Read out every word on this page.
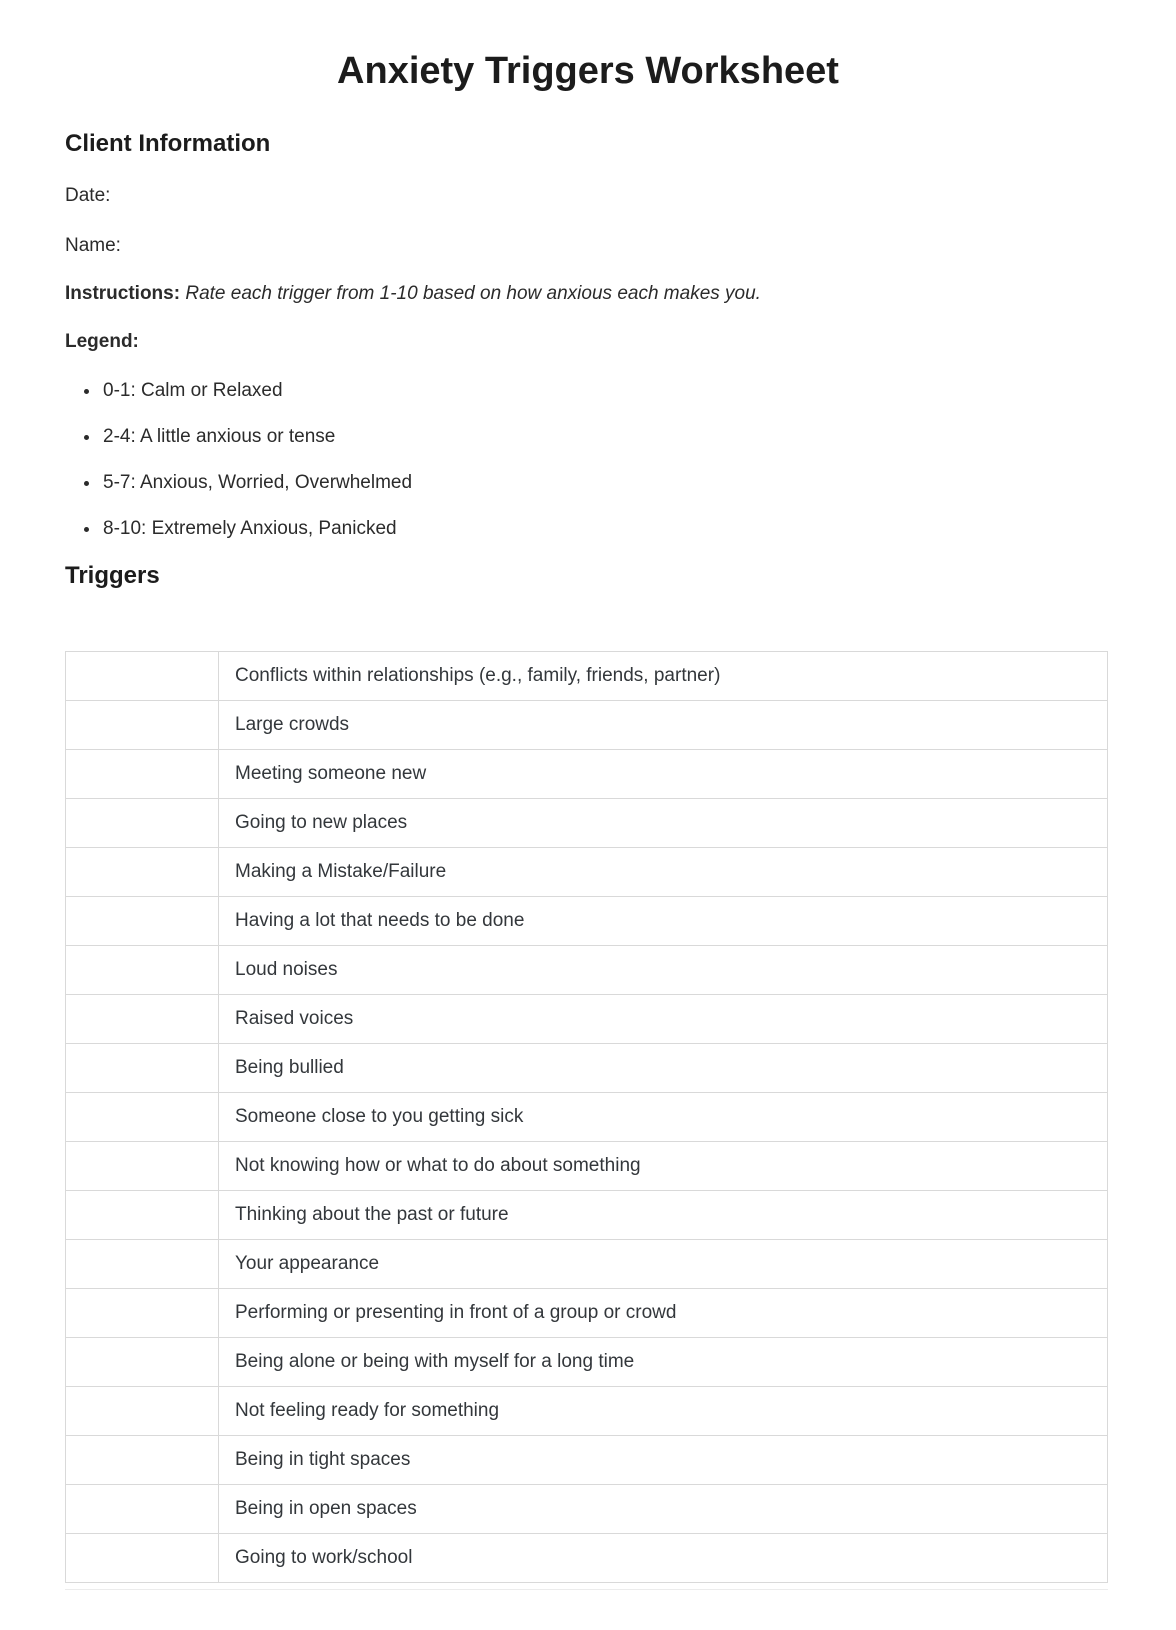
Anxiety Triggers Worksheet
Client Information

Date:

Name:

Instructions: Rate each trigger from 1-10 based on how anxious each makes you.

Legend:

• 0-1: Calm or Relaxed
• 2-4: A little anxious or tense
• 5-7: Anxious, Worried, Overwhelmed
• 8-10: Extremely Anxious, Panicked
Triggers
	Conflicts within relationships (e.g., family, friends, partner)
	Large crowds
	Meeting someone new
	Going to new places
	Making a Mistake/Failure
	Having a lot that needs to be done
	Loud noises
	Raised voices
	Being bullied
	Someone close to you getting sick
	Not knowing how or what to do about something
	Thinking about the past or future
	Your appearance
	Performing or presenting in front of a group or crowd
	Being alone or being with myself for a long time
	Not feeling ready for something
	Being in tight spaces
	Being in open spaces
	Going to work/school
